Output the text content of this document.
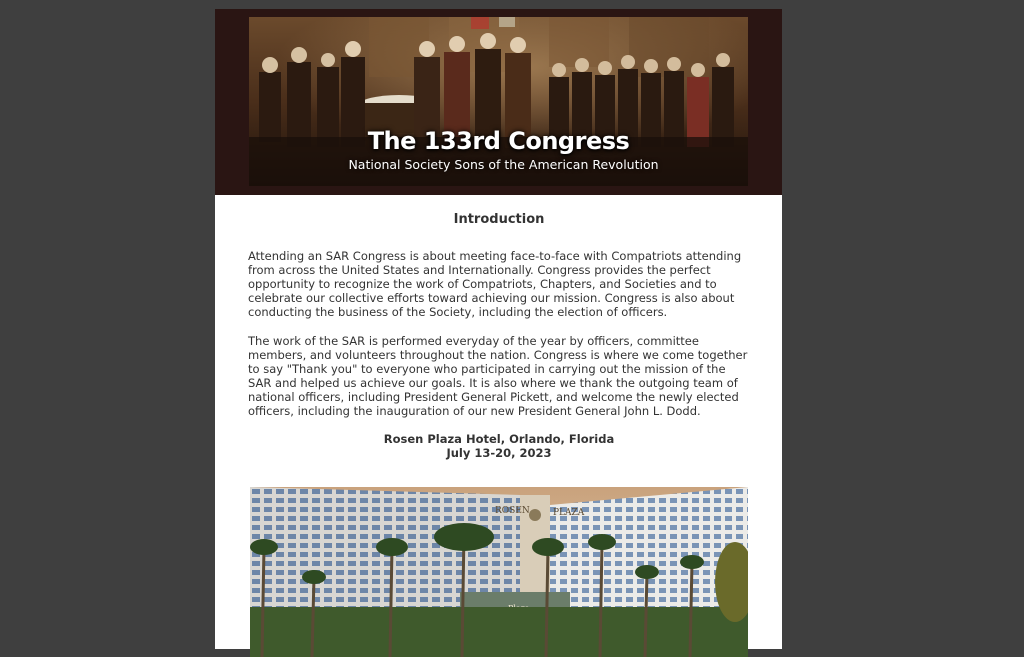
The 133rd Congress
National Society Sons of the American Revolution
Introduction

Attending an SAR Congress is about meeting face-to-face with Compatriots attending from across the United States and Internationally. Congress provides the perfect opportunity to recognize the work of Compatriots, Chapters, and Societies and to celebrate our collective efforts toward achieving our mission. Congress is also about conducting the business of the Society, including the election of officers.

The work of the SAR is performed everyday of the year by officers, committee members, and volunteers throughout the nation. Congress is where we come together to say "Thank you" to everyone who participated in carrying out the mission of the SAR and helped us achieve our goals. It is also where we thank the outgoing team of national officers, including President General Pickett, and welcome the newly elected officers, including the inauguration of our new President General John L. Dodd.

Rosen Plaza Hotel, Orlando, Florida
July 13-20, 2023
ROSEN	PLAZA
